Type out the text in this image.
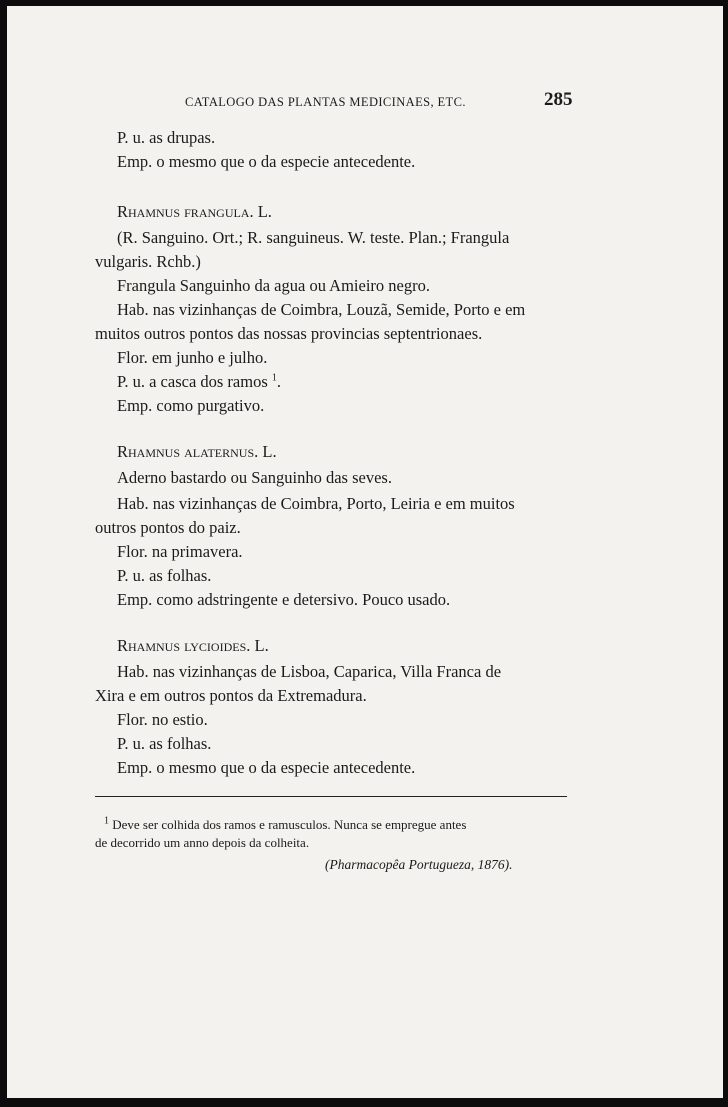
CATALOGO DAS PLANTAS MEDICINAES, ETC.	285
P. u. as drupas.
Emp. o mesmo que o da especie antecedente.
Rhamnus frangula. L.
(R. Sanguino. Ort.; R. sanguineus. W. teste. Plan.; Frangula
vulgaris. Rchb.)
Frangula Sanguinho da agua ou Amieiro negro.
Hab. nas vizinhanças de Coimbra, Louzã, Semide, Porto e em
muitos outros pontos das nossas provincias septentrionaes.
Flor. em junho e julho.
P. u. a casca dos ramos $^1$.
Emp. como purgativo.
Rhamnus alaternus. L.
Aderno bastardo ou Sanguinho das seves.
Hab. nas vizinhanças de Coimbra, Porto, Leiria e em muitos
outros pontos do paiz.
Flor. na primavera.
P. u. as folhas.
Emp. como adstringente e detersivo. Pouco usado.
Rhamnus lycioides. L.
Hab. nas vizinhanças de Lisboa, Caparica, Villa Franca de
Xira e em outros pontos da Extremadura.
Flor. no estio.
P. u. as folhas.
Emp. o mesmo que o da especie antecedente.
$^1$ Deve ser colhida dos ramos e ramusculos. Nunca se empregue antes
de decorrido um anno depois da colheita.
(Pharmacopêa Portugueza, 1876).
